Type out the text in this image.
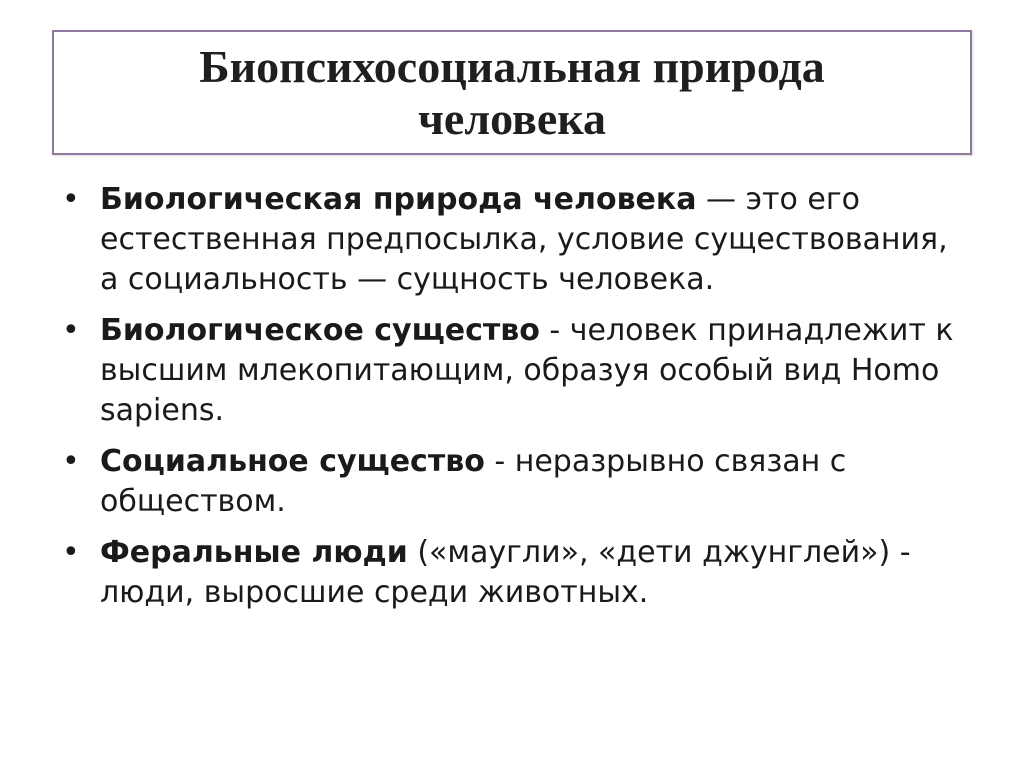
Биопсихосоциальная природа
человека
• Биологическая природа человека — это его естественная предпосылка, условие существования, а социальность — сущность человека.
• Биологическое существо - человек принадлежит к высшим млекопитающим, образуя особый вид Homo sapiens.
• Социальное существо - неразрывно связан с обществом.
• Феральные люди («маугли», «дети джунглей») - люди, выросшие среди животных.
